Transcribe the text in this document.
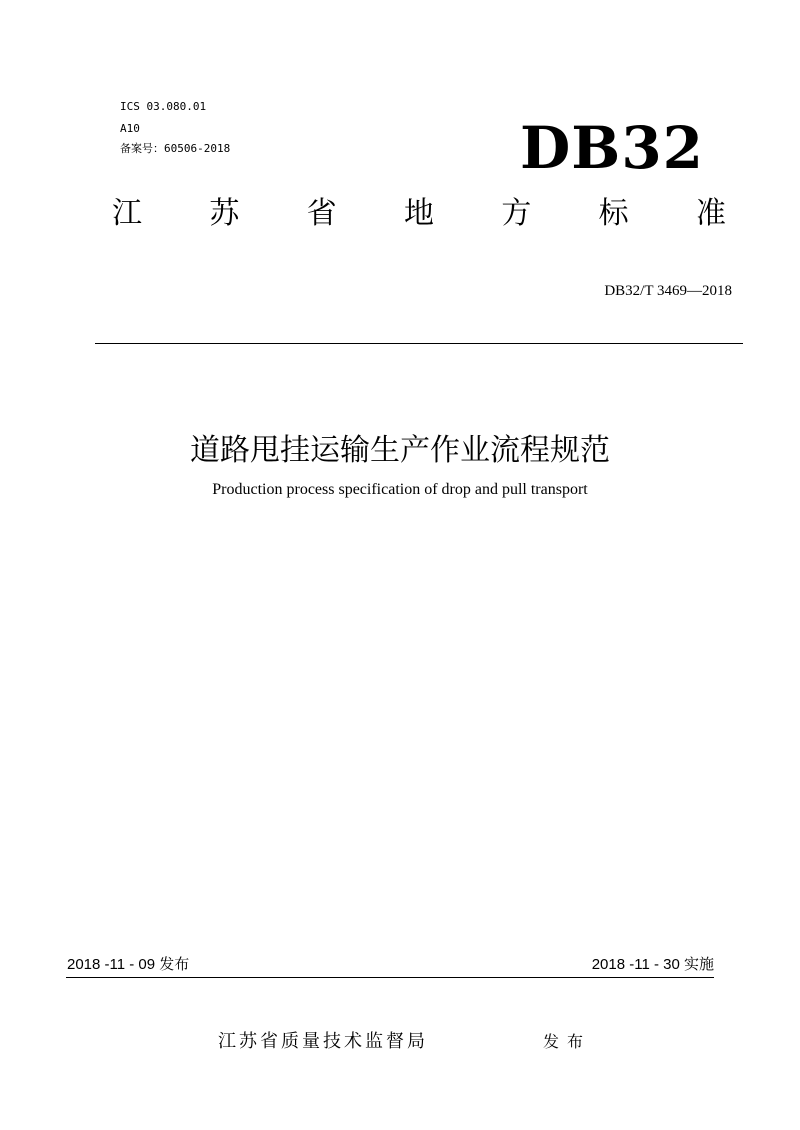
ICS 03.080.01
A10
备案号：60506-2018	DB32
江 苏 省 地 方 标 准
DB32/T 3469—2018
道路甩挂运输生产作业流程规范
Production process specification of drop and pull transport
2018 -11 - 09 发布	2018 -11 - 30 实施
江苏省质量技术监督局	发布
